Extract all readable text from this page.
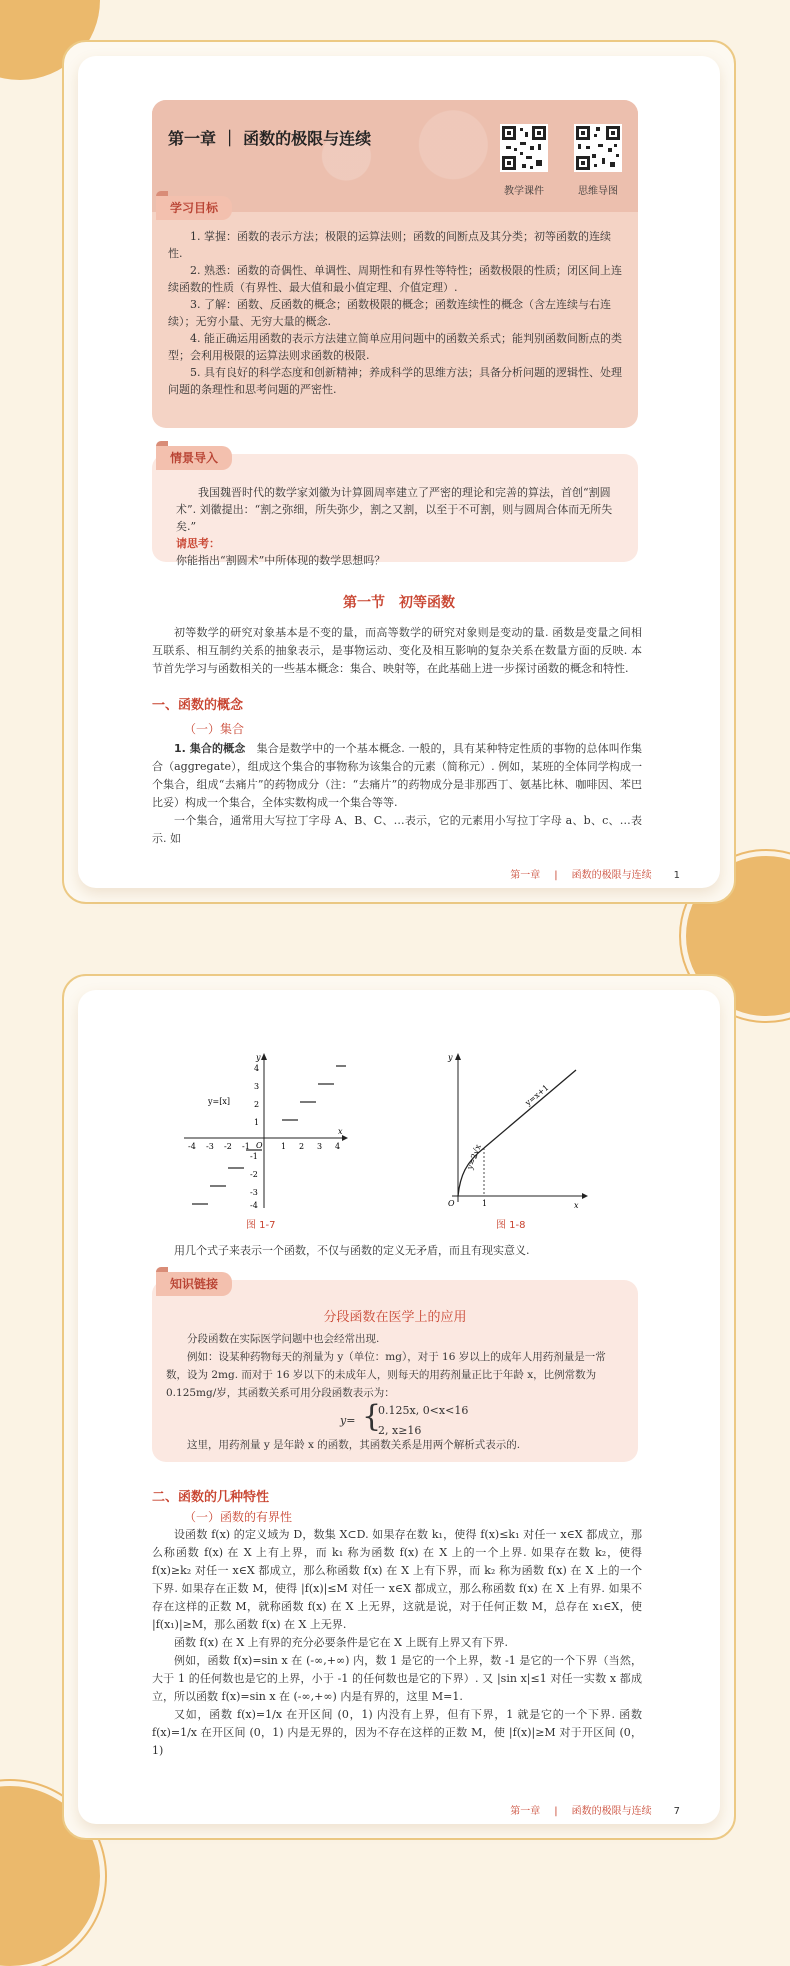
第一章 ｜ 函数的极限与连续
教学课件	思维导图
学习目标

1. 掌握：函数的表示方法；极限的运算法则；函数的间断点及其分类；初等函数的连续性.

2. 熟悉：函数的奇偶性、单调性、周期性和有界性等特性；函数极限的性质；闭区间上连续函数的性质（有界性、最大值和最小值定理、介值定理）.

3. 了解：函数、反函数的概念；函数极限的概念；函数连续性的概念（含左连续与右连续）；无穷小量、无穷大量的概念.

4. 能正确运用函数的表示方法建立简单应用问题中的函数关系式；能判别函数间断点的类型；会利用极限的运算法则求函数的极限.

5. 具有良好的科学态度和创新精神；养成科学的思维方法；具备分析问题的逻辑性、处理问题的条理性和思考问题的严密性.

情景导入

我国魏晋时代的数学家刘徽为计算圆周率建立了严密的理论和完善的算法，首创“割圆术”. 刘徽提出：“割之弥细，所失弥少，割之又割，以至于不可割，则与圆周合体而无所失矣.”

请思考：

你能指出“割圆术”中所体现的数学思想吗？

第一节　初等函数

初等数学的研究对象基本是不变的量，而高等数学的研究对象则是变动的量. 函数是变量之间相互联系、相互制约关系的抽象表示，是事物运动、变化及相互影响的复杂关系在数量方面的反映. 本节首先学习与函数相关的一些基本概念：集合、映射等，在此基础上进一步探讨函数的概念和特性.

一、函数的概念
（一）集合

1. 集合的概念　 集合是数学中的一个基本概念. 一般的，具有某种特定性质的事物的总体叫作集合（aggregate），组成这个集合的事物称为该集合的元素（简称元）. 例如，某班的全体同学构成一个集合，组成“去痛片”的药物成分（注：“去痛片”的药物成分是非那西丁、氨基比林、咖啡因、苯巴比妥）构成一个集合，全体实数构成一个集合等等.

一个集合，通常用大写拉丁字母 A、B、C、…表示，它的元素用小写拉丁字母 a、b、c、…表示. 如

第一章 | 函数的极限与连续 1
x
y
O
y=[x]
-4 -3 -2 -1	1 2 3 4
4
3
2
1
-1
-2
-3
-4
图 1-7
x
y
O	1
y=2√x
y=x+1
图 1-8

用几个式子来表示一个函数，不仅与函数的定义无矛盾，而且有现实意义.

知识链接
分段函数在医学上的应用

分段函数在实际医学问题中也会经常出现.

例如：设某种药物每天的剂量为 y（单位：mg），对于 16 岁以上的成年人用药剂量是一常数，设为 2mg. 而对于 16 岁以下的未成年人，则每天的用药剂量正比于年龄 x，比例常数为 0.125mg/岁，其函数关系可用分段函数表示为：

y= {
0.125x, 0<x<16
2, x≥16

这里，用药剂量 y 是年龄 x 的函数，其函数关系是用两个解析式表示的.

二、函数的几种特性
（一）函数的有界性

设函数 f(x) 的定义域为 D，数集 X⊂D. 如果存在数 k₁，使得 f(x)≤k₁ 对任一 x∈X 都成立，那么称函数 f(x) 在 X 上有上界，而 k₁ 称为函数 f(x) 在 X 上的一个上界. 如果存在数 k₂，使得 f(x)≥k₂ 对任一 x∈X 都成立，那么称函数 f(x) 在 X 上有下界，而 k₂ 称为函数 f(x) 在 X 上的一个下界. 如果存在正数 M，使得 |f(x)|≤M 对任一 x∈X 都成立，那么称函数 f(x) 在 X 上有界. 如果不存在这样的正数 M，就称函数 f(x) 在 X 上无界，这就是说，对于任何正数 M，总存在 x₁∈X，使 |f(x₁)|≥M，那么函数 f(x) 在 X 上无界.

函数 f(x) 在 X 上有界的充分必要条件是它在 X 上既有上界又有下界.

例如，函数 f(x)=sin x 在 (-∞,+∞) 内，数 1 是它的一个上界，数 -1 是它的一个下界（当然，大于 1 的任何数也是它的上界，小于 -1 的任何数也是它的下界）. 又 |sin x|≤1 对任一实数 x 都成立，所以函数 f(x)=sin x 在 (-∞,+∞) 内是有界的，这里 M=1.

又如，函数 f(x)=1/x 在开区间 (0，1) 内没有上界，但有下界，1 就是它的一个下界. 函数 f(x)=1/x 在开区间 (0，1) 内是无界的，因为不存在这样的正数 M，使 |f(x)|≥M 对于开区间 (0，1)

第一章 | 函数的极限与连续 7
